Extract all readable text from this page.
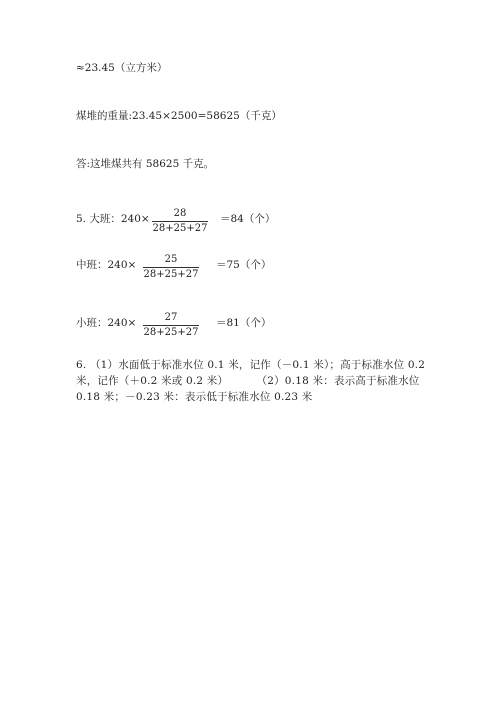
≈23.45（立方米）
煤堆的重量:23.45×2500=58625（千克）
答:这堆煤共有 58625 千克。
5. 大班：240×	28
28+25+27
＝84（个）
中班：240×	25
28+25+27
＝75（个）
小班：240×	27
28+25+27
＝81（个）
6. （1）水面低于标准水位 0.1 米，记作（－0.1 米）；高于标准水位 0.2 米，记作（＋0.2 米或 0.2 米）        （2）0.18 米：表示高于标准水位 0.18 米；－0.23 米：表示低于标准水位 0.23 米
